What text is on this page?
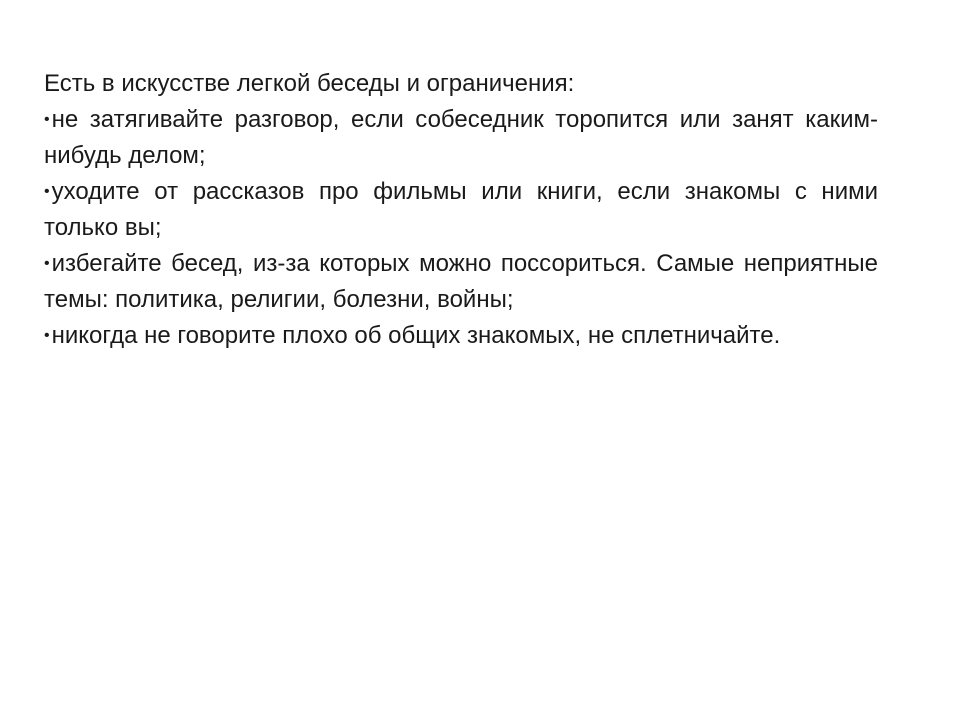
Есть в искусстве легкой беседы и ограничения:

•не затягивайте разговор, если собеседник торопится или занят каким-нибудь делом;

•уходите от рассказов про фильмы или книги, если знакомы с ними только вы;

•избегайте бесед, из-за которых можно поссориться. Самые неприятные темы: политика, религии, болезни, войны;

•никогда не говорите плохо об общих знакомых, не сплетничайте.
